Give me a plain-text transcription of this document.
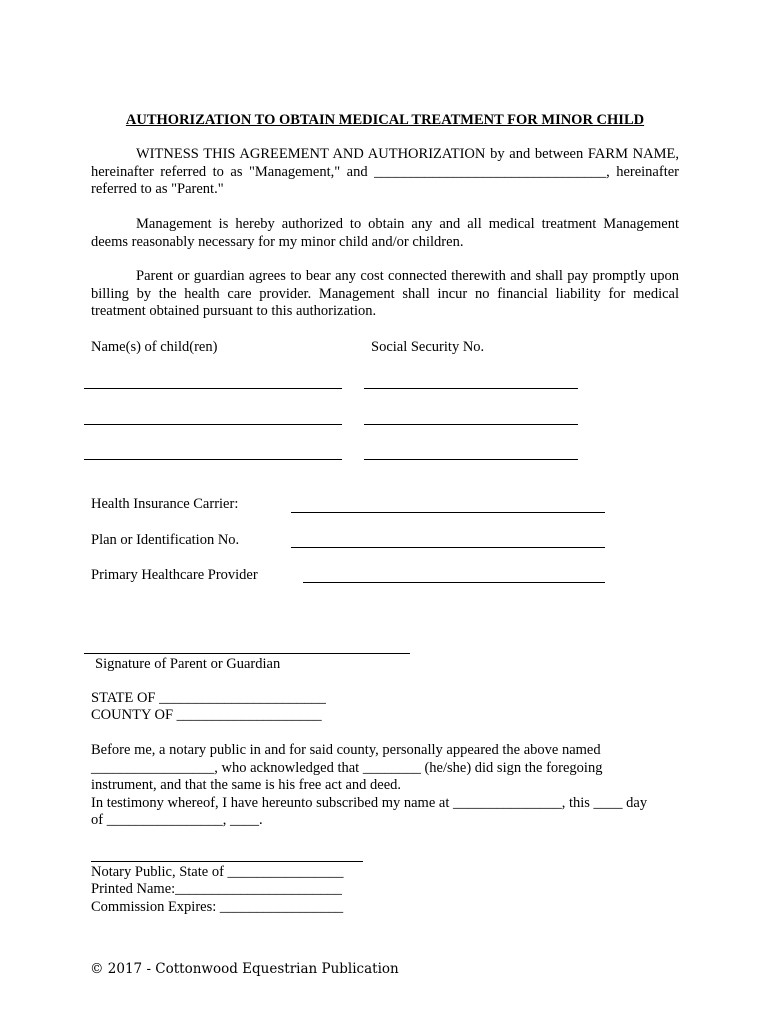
AUTHORIZATION TO OBTAIN MEDICAL TREATMENT FOR MINOR CHILD

WITNESS THIS AGREEMENT AND AUTHORIZATION by and between FARM NAME, hereinafter referred to as "Management," and ________________________________, hereinafter referred to as "Parent."

Management is hereby authorized to obtain any and all medical treatment Management deems reasonably necessary for my minor child and/or children.

Parent or guardian agrees to bear any cost connected therewith and shall pay promptly upon billing by the health care provider. Management shall incur no financial liability for medical treatment obtained pursuant to this authorization.

Name(s) of child(ren)	Social Security No.
Health Insurance Carrier:
Plan or Identification No.
Primary Healthcare Provider
Signature of Parent or Guardian
STATE OF _______________________
COUNTY OF ____________________
Before me, a notary public in and for said county, personally appeared the above named
_________________, who acknowledged that ________ (he/she) did sign the foregoing
instrument, and that the same is his free act and deed.
In testimony whereof, I have hereunto subscribed my name at _______________, this ____ day
of ________________, ____.
Notary Public, State of ________________
Printed Name:_______________________
Commission Expires: _________________
© 2017 - Cottonwood Equestrian Publication
